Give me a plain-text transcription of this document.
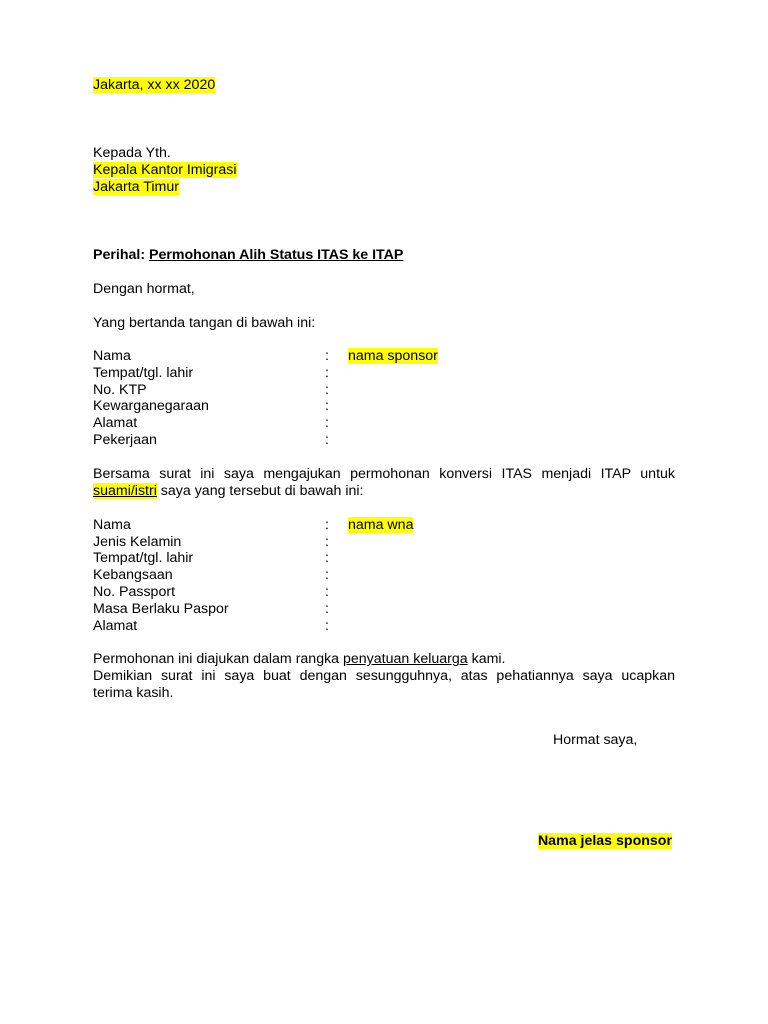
Jakarta, xx xx 2020
Kepada Yth.
Kepala Kantor Imigrasi
Jakarta Timur
Perihal: Permohonan Alih Status ITAS ke ITAP
Dengan hormat,
Yang bertanda tangan di bawah ini:
Nama	:	nama sponsor
Tempat/tgl. lahir	:
No. KTP	:
Kewarganegaraan	:
Alamat	:
Pekerjaan	:
Bersama surat ini saya mengajukan permohonan konversi ITAS menjadi ITAP untuk
suami/istri saya yang tersebut di bawah ini:
Nama	:	nama wna
Jenis Kelamin	:
Tempat/tgl. lahir	:
Kebangsaan	:
No. Passport	:
Masa Berlaku Paspor	:
Alamat	:
Permohonan ini diajukan dalam rangka penyatuan keluarga kami.
Demikian surat ini saya buat dengan sesungguhnya, atas pehatiannya saya ucapkan
terima kasih.
Hormat saya,
Nama jelas sponsor
